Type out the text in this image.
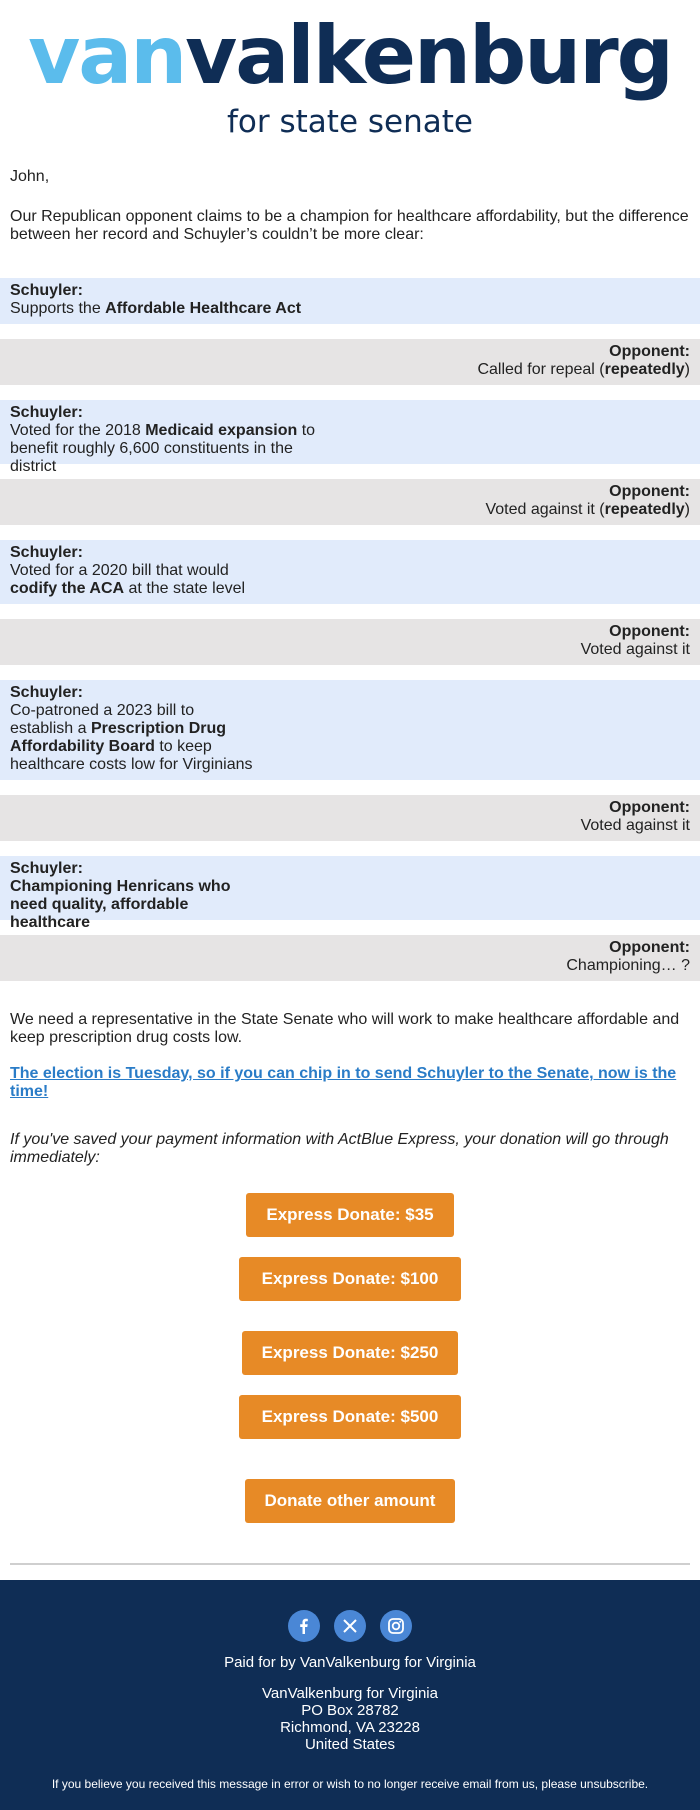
vanvalkenburg
for state senate

John,

Our Republican opponent claims to be a champion for healthcare affordability, but the difference between her record and Schuyler’s couldn’t be more clear:

Schuyler:
Supports the Affordable Healthcare Act
Opponent:
Called for repeal (repeatedly)
Schuyler:
Voted for the 2018 Medicaid expansion to benefit roughly 6,600 constituents in the district
Opponent:
Voted against it (repeatedly)
Schuyler:
Voted for a 2020 bill that would codify the ACA at the state level
Opponent:
Voted against it
Schuyler:
Co-patroned a 2023 bill to establish a Prescription Drug Affordability Board to keep healthcare costs low for Virginians
Opponent:
Voted against it
Schuyler:
Championing Henricans who need quality, affordable healthcare
Opponent:
Championing… ?

We need a representative in the State Senate who will work to make healthcare affordable and keep prescription drug costs low.

The election is Tuesday, so if you can chip in to send Schuyler to the Senate, now is the time!

If you've saved your payment information with ActBlue Express, your donation will go through immediately:

Express Donate: $35
Express Donate: $100
Express Donate: $250
Express Donate: $500
Donate other amount

Paid for by VanValkenburg for Virginia

VanValkenburg for Virginia

PO Box 28782

Richmond, VA 23228

United States

If you believe you received this message in error or wish to no longer receive email from us, please unsubscribe.
